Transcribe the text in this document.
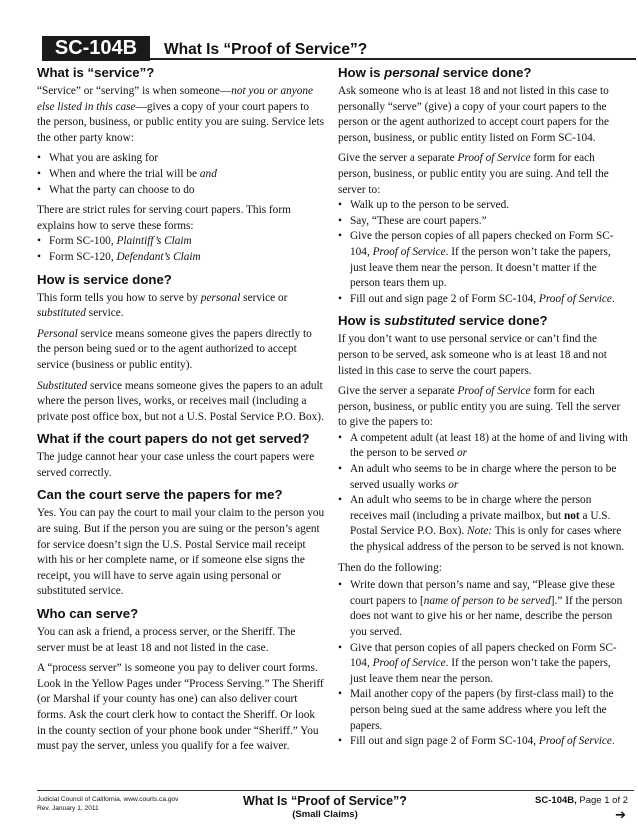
SC-104B	What Is “Proof of Service”?
What is “service”?

“Service” or “serving” is when someone—not you or anyone else listed in this case—gives a copy of your court papers to the person, business, or public entity you are suing. Service lets the other party know:

• What you are asking for
• When and where the trial will be and
• What the party can choose to do

There are strict rules for serving court papers. This form explains how to serve these forms:

• Form SC-100, Plaintiff’s Claim
• Form SC-120, Defendant’s Claim
How is service done?

This form tells you how to serve by personal service or substituted service.

Personal service means someone gives the papers directly to the person being sued or to the agent authorized to accept service (business or public entity).

Substituted service means someone gives the papers to an adult where the person lives, works, or receives mail (including a private post office box, but not a U.S. Postal Service P.O. Box).

What if the court papers do not get served?

The judge cannot hear your case unless the court papers were served correctly.

Can the court serve the papers for me?

Yes. You can pay the court to mail your claim to the person you are suing. But if the person you are suing or the person’s agent for service doesn’t sign the U.S. Postal Service mail receipt with his or her complete name, or if someone else signs the receipt, you will have to serve again using personal or substituted service.

Who can serve?

You can ask a friend, a process server, or the Sheriff. The server must be at least 18 and not listed in the case.

A “process server” is someone you pay to deliver court forms. Look in the Yellow Pages under “Process Serving.” The Sheriff (or Marshal if your county has one) can also deliver court forms. Ask the court clerk how to contact the Sheriff. Or look in the county section of your phone book under “Sheriff.” You must pay the server, unless you qualify for a fee waiver.

How is personal service done?

Ask someone who is at least 18 and not listed in this case to personally “serve” (give) a copy of your court papers to the person or the agent authorized to accept court papers for the person, business, or public entity listed on Form SC-104.

Give the server a separate Proof of Service form for each person, business, or public entity you are suing. And tell the server to:

• Walk up to the person to be served.
• Say, “These are court papers.”
• Give the person copies of all papers checked on Form SC-104, Proof of Service. If the person won’t take the papers, just leave them near the person. It doesn’t matter if the person tears them up.
• Fill out and sign page 2 of Form SC-104, Proof of Service.
How is substituted service done?

If you don’t want to use personal service or can’t find the person to be served, ask someone who is at least 18 and not listed in this case to serve the court papers.

Give the server a separate Proof of Service form for each person, business, or public entity you are suing. Tell the server to give the papers to:

• A competent adult (at least 18) at the home of and living with the person to be served or
• An adult who seems to be in charge where the person to be served usually works or
• An adult who seems to be in charge where the person receives mail (including a private mailbox, but not a U.S. Postal Service P.O. Box). Note: This is only for cases where the physical address of the person to be served is not known.

Then do the following:

• Write down that person’s name and say, “Please give these court papers to [name of person to be served].” If the person does not want to give his or her name, describe the person you served.
• Give that person copies of all papers checked on Form SC-104, Proof of Service. If the person won’t take the papers, just leave them near the person.
• Mail another copy of the papers (by first-class mail) to the person being sued at the same address where you left the papers.
• Fill out and sign page 2 of Form SC-104, Proof of Service.
Judicial Council of California, www.courts.ca.gov
Rev. January 1, 2011
What Is “Proof of Service”?
(Small Claims)
SC-104B, Page 1 of 2
➔
